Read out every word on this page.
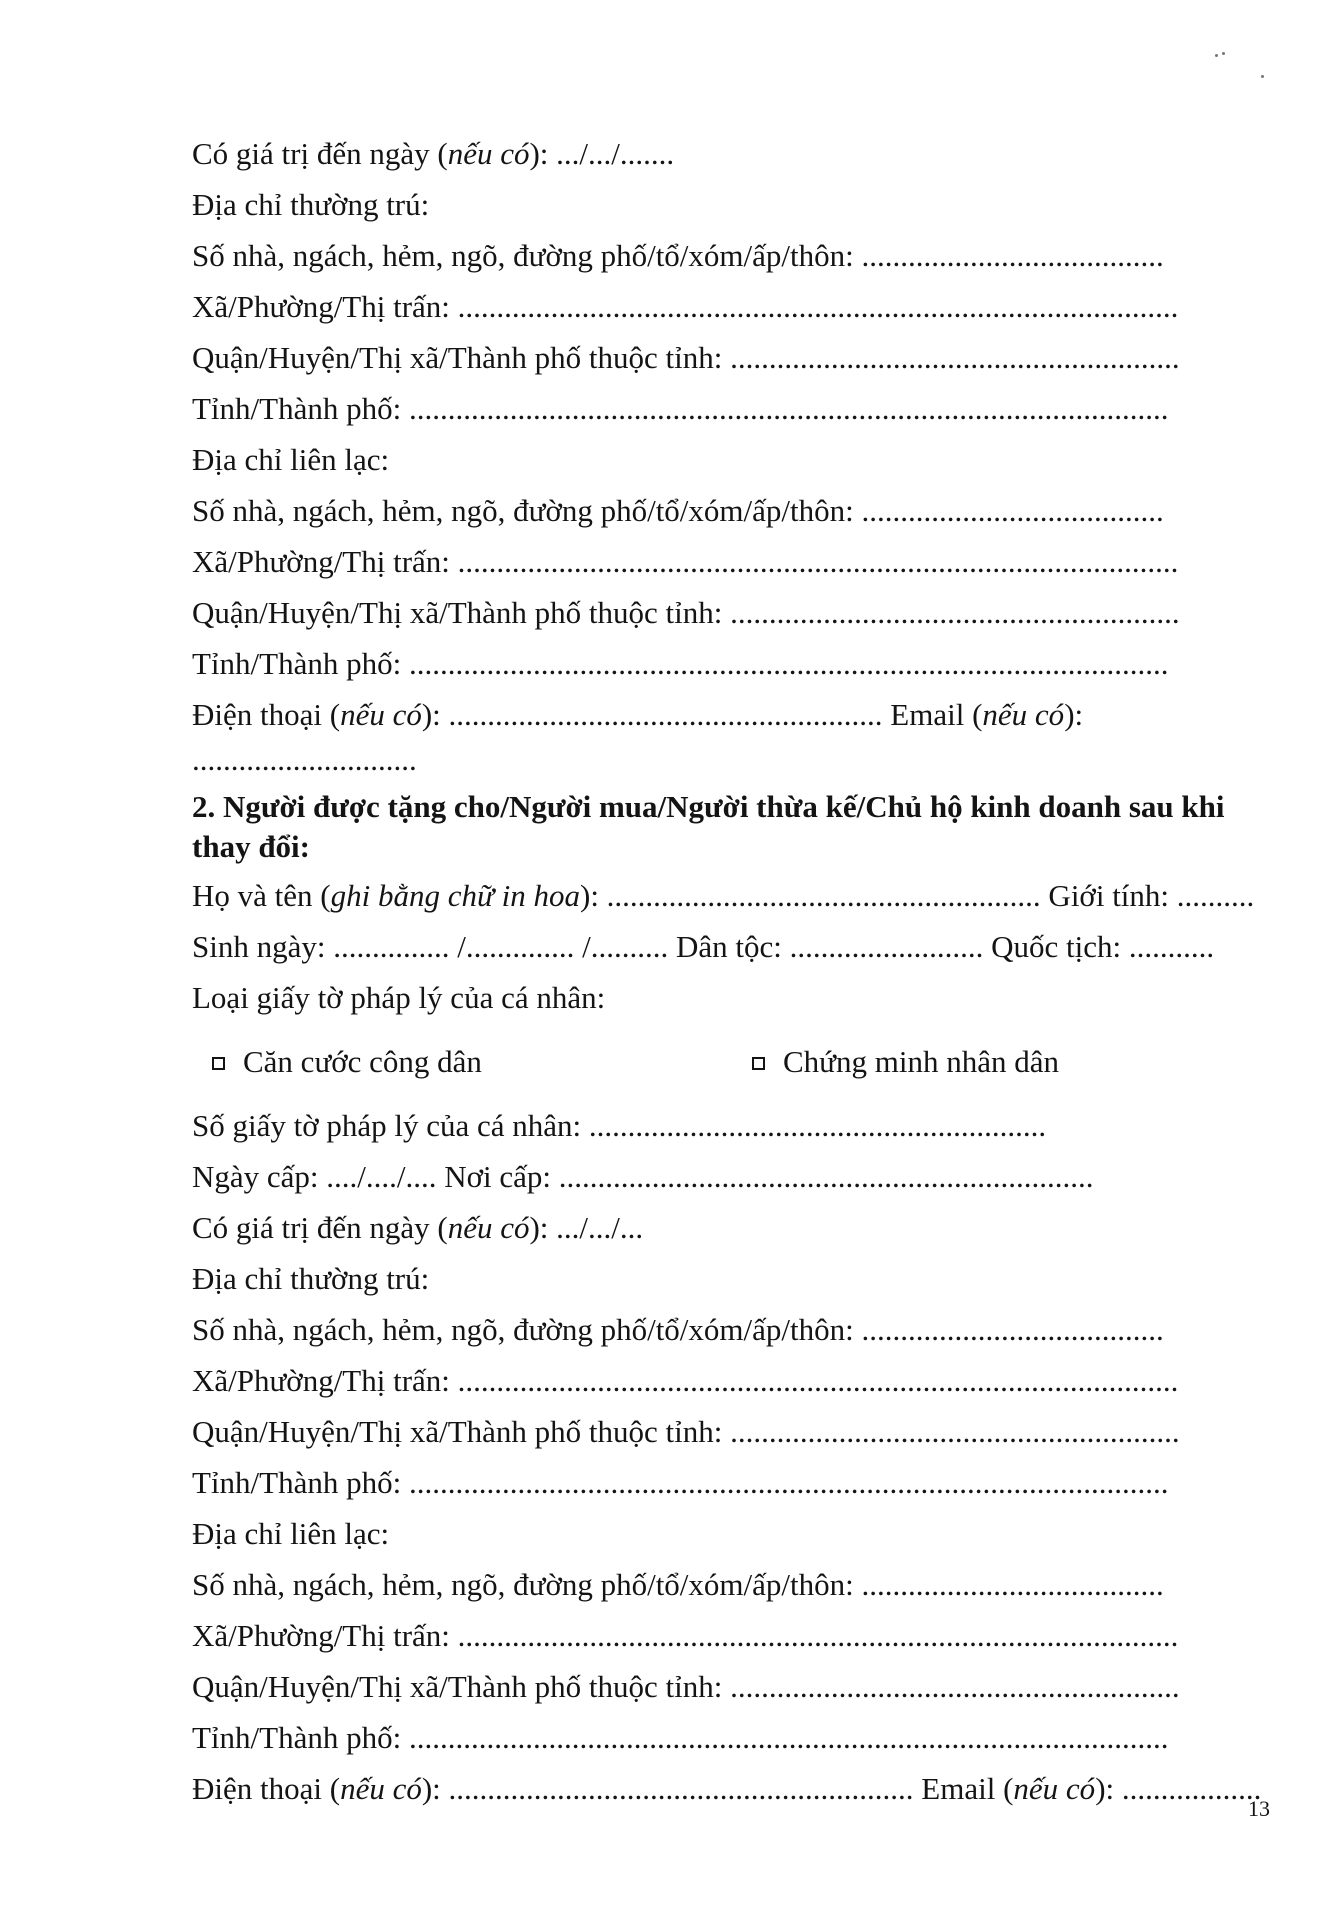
Có giá trị đến ngày (nếu có): .../.../.......
Địa chỉ thường trú:
Số nhà, ngách, hẻm, ngõ, đường phố/tổ/xóm/ấp/thôn: .......................................
Xã/Phường/Thị trấn: .............................................................................................
Quận/Huyện/Thị xã/Thành phố thuộc tỉnh: ..........................................................
Tỉnh/Thành phố: ..................................................................................................
Địa chỉ liên lạc:
Số nhà, ngách, hẻm, ngõ, đường phố/tổ/xóm/ấp/thôn: .......................................
Xã/Phường/Thị trấn: .............................................................................................
Quận/Huyện/Thị xã/Thành phố thuộc tỉnh: ..........................................................
Tỉnh/Thành phố: ..................................................................................................
Điện thoại (nếu có): ........................................................ Email (nếu có):
.............................
2. Người được tặng cho/Người mua/Người thừa kế/Chủ hộ kinh doanh sau khi thay đổi:
Họ và tên (ghi bằng chữ in hoa): ........................................................ Giới tính: ..........
Sinh ngày: ............... /.............. /.......... Dân tộc: ......................... Quốc tịch: ...........
Loại giấy tờ pháp lý của cá nhân:
Căn cước công dân	Chứng minh nhân dân
Số giấy tờ pháp lý của cá nhân: ...........................................................
Ngày cấp: ..../..../.... Nơi cấp: .....................................................................
Có giá trị đến ngày (nếu có): .../.../...
Địa chỉ thường trú:
Số nhà, ngách, hẻm, ngõ, đường phố/tổ/xóm/ấp/thôn: .......................................
Xã/Phường/Thị trấn: .............................................................................................
Quận/Huyện/Thị xã/Thành phố thuộc tỉnh: ..........................................................
Tỉnh/Thành phố: ..................................................................................................
Địa chỉ liên lạc:
Số nhà, ngách, hẻm, ngõ, đường phố/tổ/xóm/ấp/thôn: .......................................
Xã/Phường/Thị trấn: .............................................................................................
Quận/Huyện/Thị xã/Thành phố thuộc tỉnh: ..........................................................
Tỉnh/Thành phố: ..................................................................................................
Điện thoại (nếu có): ............................................................ Email (nếu có): ..................
13
